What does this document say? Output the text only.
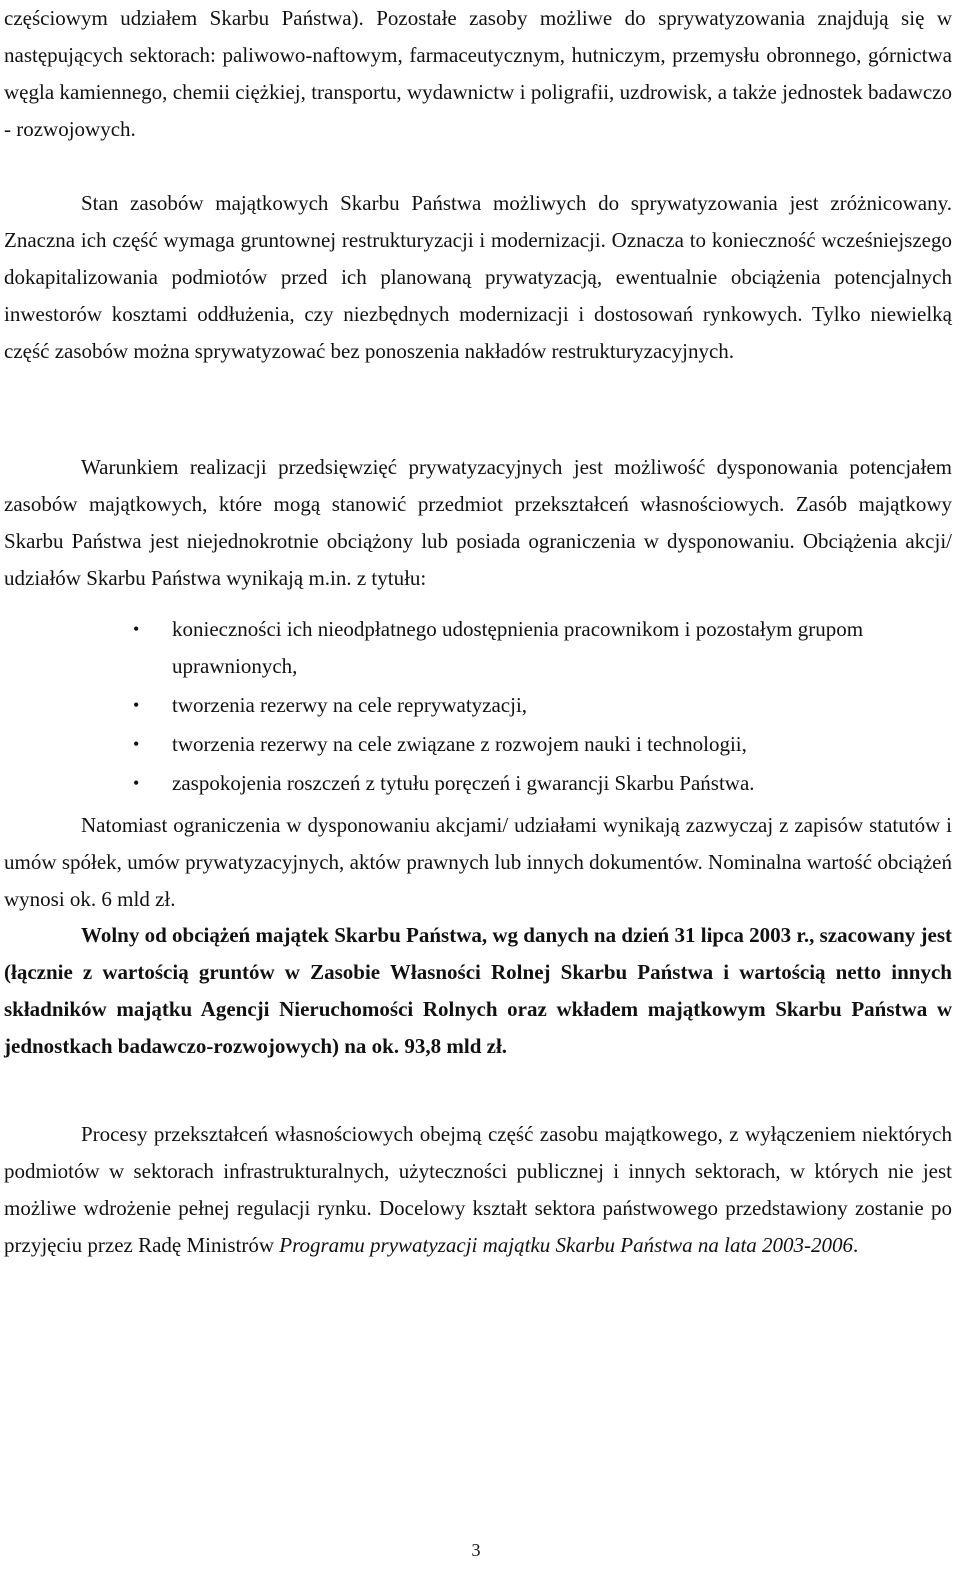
częściowym udziałem Skarbu Państwa). Pozostałe zasoby możliwe do sprywatyzowania znajdują się w następujących sektorach: paliwowo-naftowym, farmaceutycznym, hutniczym, przemysłu obronnego, górnictwa węgla kamiennego, chemii ciężkiej, transportu, wydawnictw i poligrafii, uzdrowisk, a także jednostek badawczo - rozwojowych.

Stan zasobów majątkowych Skarbu Państwa możliwych do sprywatyzowania jest zróżnicowany. Znaczna ich część wymaga gruntownej restrukturyzacji i modernizacji. Oznacza to konieczność wcześniejszego dokapitalizowania podmiotów przed ich planowaną prywatyzacją, ewentualnie obciążenia potencjalnych inwestorów kosztami oddłużenia, czy niezbędnych modernizacji i dostosowań rynkowych. Tylko niewielką część zasobów można sprywatyzować bez ponoszenia nakładów restrukturyzacyjnych.

Warunkiem realizacji przedsięwzięć prywatyzacyjnych jest możliwość dysponowania potencjałem zasobów majątkowych, które mogą stanowić przedmiot przekształceń własnościowych. Zasób majątkowy Skarbu Państwa jest niejednokrotnie obciążony lub posiada ograniczenia w dysponowaniu. Obciążenia akcji/ udziałów Skarbu Państwa wynikają m.in. z tytułu:

• konieczności ich nieodpłatnego udostępnienia pracownikom i pozostałym grupom uprawnionych,
• tworzenia rezerwy na cele reprywatyzacji,
• tworzenia rezerwy na cele związane z rozwojem nauki i technologii,
• zaspokojenia roszczeń z tytułu poręczeń i gwarancji Skarbu Państwa.

Natomiast ograniczenia w dysponowaniu akcjami/ udziałami wynikają zazwyczaj z zapisów statutów i umów spółek, umów prywatyzacyjnych, aktów prawnych lub innych dokumentów. Nominalna wartość obciążeń wynosi ok. 6 mld zł.

Wolny od obciążeń majątek Skarbu Państwa, wg danych na dzień 31 lipca 2003 r., szacowany jest (łącznie z wartością gruntów w Zasobie Własności Rolnej Skarbu Państwa i wartością netto innych składników majątku Agencji Nieruchomości Rolnych oraz wkładem majątkowym Skarbu Państwa w jednostkach badawczo-rozwojowych) na ok. 93,8 mld zł.

Procesy przekształceń własnościowych obejmą część zasobu majątkowego, z wyłączeniem niektórych podmiotów w sektorach infrastrukturalnych, użyteczności publicznej i innych sektorach, w których nie jest możliwe wdrożenie pełnej regulacji rynku. Docelowy kształt sektora państwowego przedstawiony zostanie po przyjęciu przez Radę Ministrów Programu prywatyzacji majątku Skarbu Państwa na lata 2003-2006.

3
